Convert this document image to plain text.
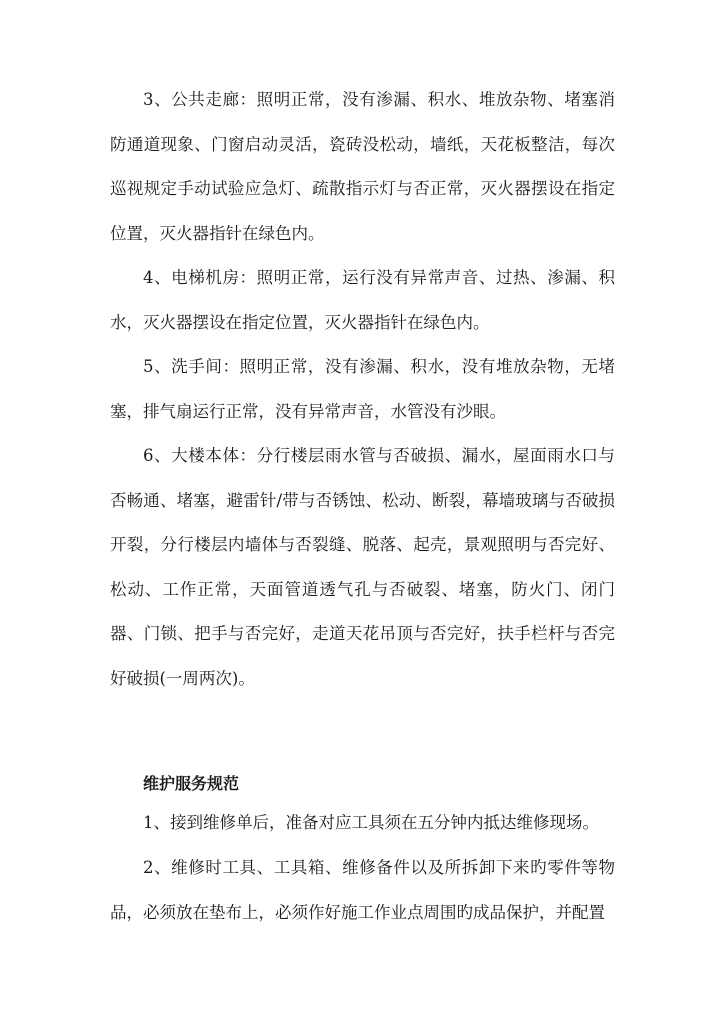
3、公共走廊：照明正常，没有渗漏、积水、堆放杂物、堵塞消防通道现象、门窗启动灵活，瓷砖没松动，墙纸，天花板整洁，每次巡视规定手动试验应急灯、疏散指示灯与否正常，灭火器摆设在指定位置，灭火器指针在绿色内。

4、电梯机房：照明正常，运行没有异常声音、过热、渗漏、积水，灭火器摆设在指定位置，灭火器指针在绿色内。

5、洗手间：照明正常，没有渗漏、积水，没有堆放杂物，无堵塞，排气扇运行正常，没有异常声音，水管没有沙眼。

6、大楼本体：分行楼层雨水管与否破损、漏水，屋面雨水口与否畅通、堵塞，避雷针/带与否锈蚀、松动、断裂，幕墙玻璃与否破损开裂，分行楼层内墙体与否裂缝、脱落、起壳，景观照明与否完好、松动、工作正常，天面管道透气孔与否破裂、堵塞，防火门、闭门器、门锁、把手与否完好，走道天花吊顶与否完好，扶手栏杆与否完好破损(一周两次)。

维护服务规范

1、接到维修单后，准备对应工具须在五分钟内抵达维修现场。

2、维修时工具、工具箱、维修备件以及所拆卸下来旳零件等物品，必须放在垫布上，必须作好施工作业点周围旳成品保护，并配置
